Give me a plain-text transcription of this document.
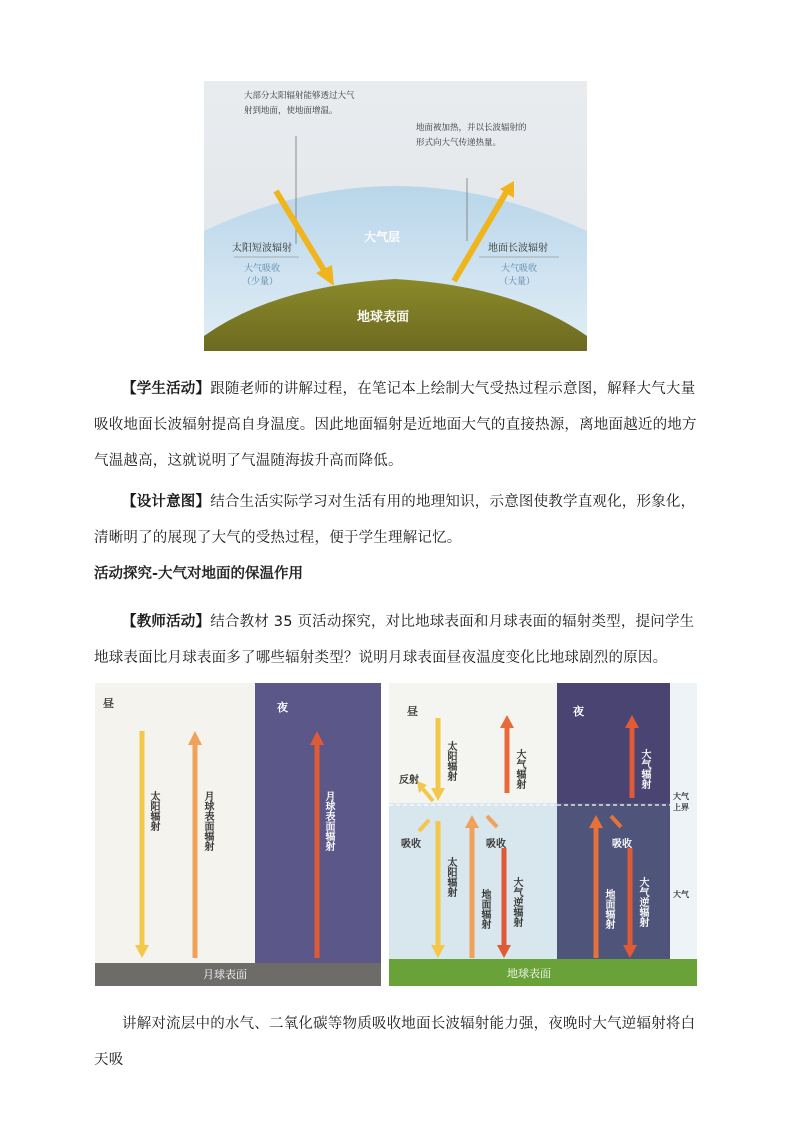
大部分太阳辐射能够透过大气射到地面，使地面增温。
地面被加热，并以长波辐射的形式向大气传递热量。
大气层
太阳短波辐射
大气吸收
（少量）
地面长波辐射
大气吸收
（大量）
地球表面
【学生活动】跟随老师的讲解过程，在笔记本上绘制大气受热过程示意图，解释大气大量吸收地面长波辐射提高自身温度。因此地面辐射是近地面大气的直接热源，离地面越近的地方气温越高，这就说明了气温随海拔升高而降低。
【设计意图】结合生活实际学习对生活有用的地理知识，示意图使教学直观化，形象化，清晰明了的展现了大气的受热过程，便于学生理解记忆。
活动探究-大气对地面的保温作用
【教师活动】结合教材 35 页活动探究，对比地球表面和月球表面的辐射类型，提问学生地球表面比月球表面多了哪些辐射类型？说明月球表面昼夜温度变化比地球剧烈的原因。
昼	夜
太阳辐射	月球表面辐射	月球表面辐射
月球表面
昼	夜
太阳辐射
反射	大气辐射
吸收	吸收
太阳辐射
地面辐射 大气逆辐射
大气辐射
吸收
地面辐射 大气逆辐射
大气上界
大气
地球表面
讲解对流层中的水气、二氧化碳等物质吸收地面长波辐射能力强，夜晚时大气逆辐射将白天吸
